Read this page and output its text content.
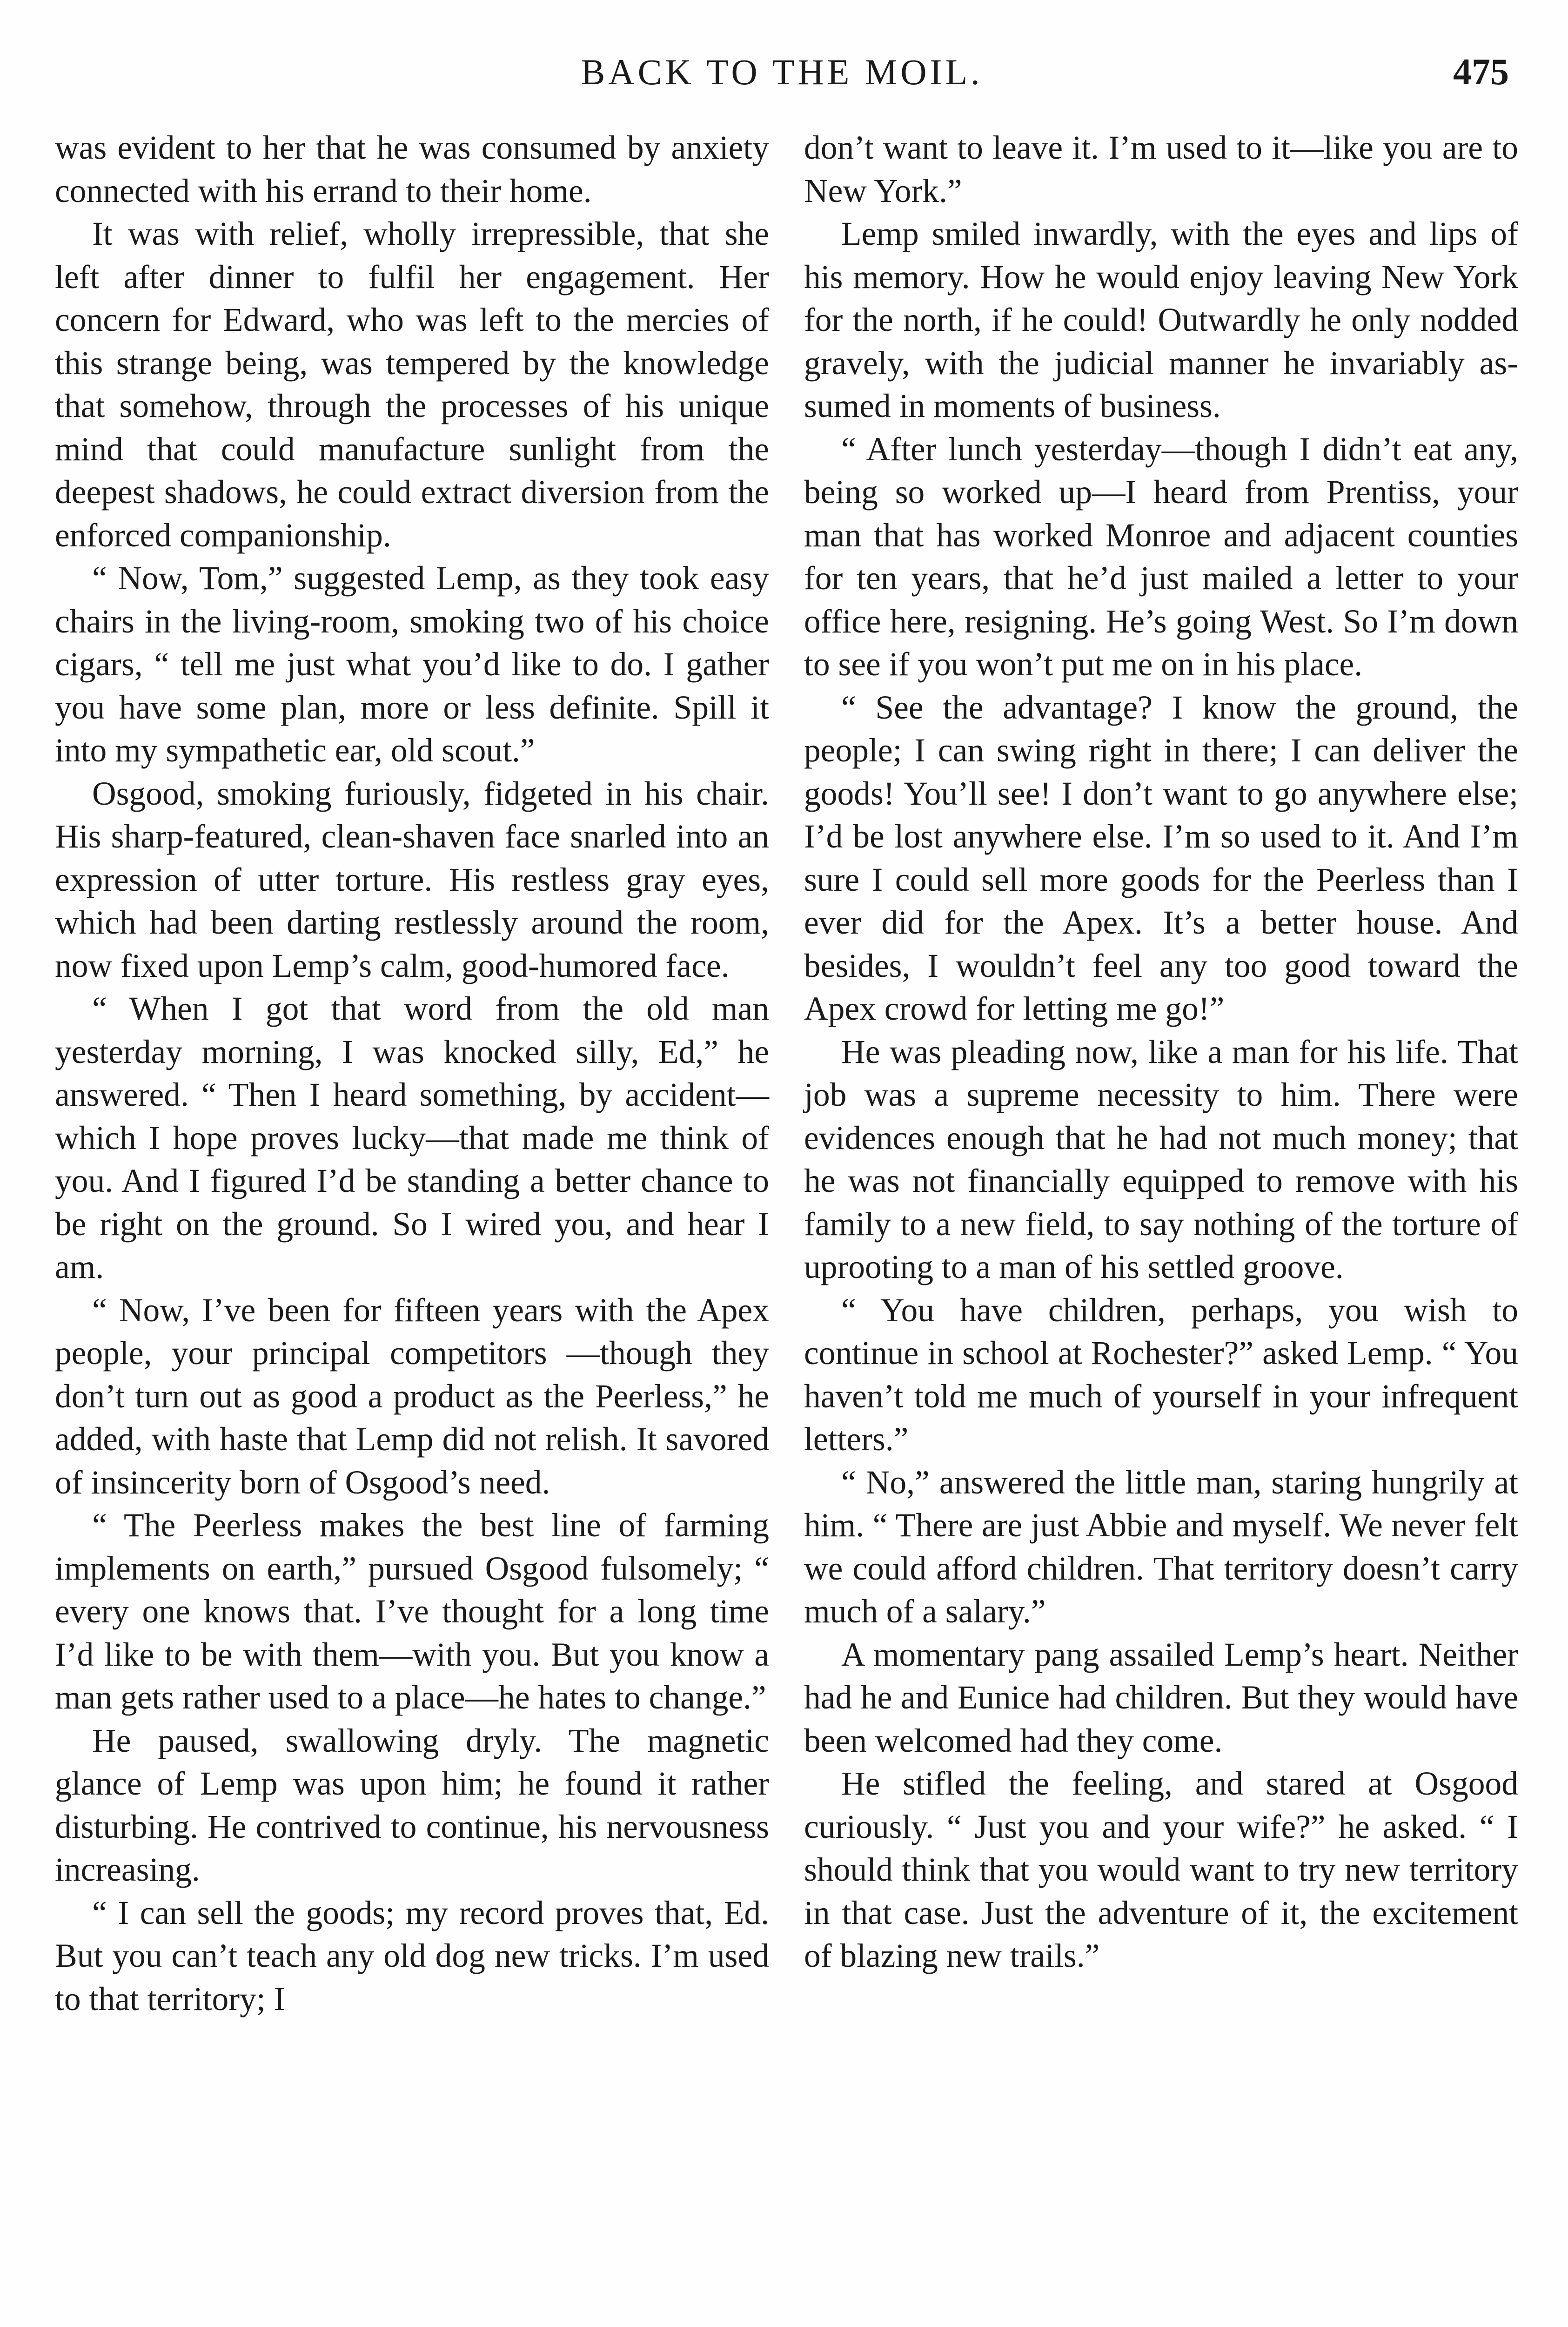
BACK TO THE MOIL.	475

was evident to her that he was consumed by anxiety connected with his errand to their home.

It was with relief, wholly irrepressible, that she left after dinner to fulfil her engagement. Her concern for Edward, who was left to the mercies of this strange being, was tempered by the knowledge that somehow, through the processes of his unique mind that could manufacture sunlight from the deepest shadows, he could extract diversion from the enforced companionship.

“ Now, Tom,” suggested Lemp, as they took easy chairs in the living-room, smoking two of his choice cigars, “ tell me just what you’d like to do. I gather you have some plan, more or less definite. Spill it into my sympathetic ear, old scout.”

Osgood, smoking furiously, fidgeted in his chair. His sharp-featured, clean-shaven face snarled into an expression of utter torture. His restless gray eyes, which had been darting restlessly around the room, now fixed upon Lemp’s calm, good-humored face.

“ When I got that word from the old man yesterday morning, I was knocked silly, Ed,” he answered. “ Then I heard something, by accident—which I hope proves lucky—that made me think of you. And I figured I’d be standing a better chance to be right on the ground. So I wired you, and hear I am.

“ Now, I’ve been for fifteen years with the Apex people, your principal competitors —though they don’t turn out as good a product as the Peerless,” he added, with haste that Lemp did not relish. It savored of insincerity born of Osgood’s need.

“ The Peerless makes the best line of farming implements on earth,” pursued Osgood fulsomely; “ every one knows that. I’ve thought for a long time I’d like to be with them—with you. But you know a man gets rather used to a place—he hates to change.”

He paused, swallowing dryly. The magnetic glance of Lemp was upon him; he found it rather disturbing. He contrived to continue, his nervousness increasing.

“ I can sell the goods; my record proves that, Ed. But you can’t teach any old dog new tricks. I’m used to that territory; I

don’t want to leave it. I’m used to it—like you are to New York.”

Lemp smiled inwardly, with the eyes and lips of his memory. How he would enjoy leaving New York for the north, if he could! Outwardly he only nodded gravely, with the judicial manner he invariably assumed in moments of business.

“ After lunch yesterday—though I didn’t eat any, being so worked up—I heard from Prentiss, your man that has worked Monroe and adjacent counties for ten years, that he’d just mailed a letter to your office here, resigning. He’s going West. So I’m down to see if you won’t put me on in his place.

“ See the advantage? I know the ground, the people; I can swing right in there; I can deliver the goods! You’ll see! I don’t want to go anywhere else; I’d be lost anywhere else. I’m so used to it. And I’m sure I could sell more goods for the Peerless than I ever did for the Apex. It’s a better house. And besides, I wouldn’t feel any too good toward the Apex crowd for letting me go!”

He was pleading now, like a man for his life. That job was a supreme necessity to him. There were evidences enough that he had not much money; that he was not financially equipped to remove with his family to a new field, to say nothing of the torture of uprooting to a man of his settled groove.

“ You have children, perhaps, you wish to continue in school at Rochester?” asked Lemp. “ You haven’t told me much of yourself in your infrequent letters.”

“ No,” answered the little man, staring hungrily at him. “ There are just Abbie and myself. We never felt we could afford children. That territory doesn’t carry much of a salary.”

A momentary pang assailed Lemp’s heart. Neither had he and Eunice had children. But they would have been welcomed had they come.

He stifled the feeling, and stared at Osgood curiously. “ Just you and your wife?” he asked. “ I should think that you would want to try new territory in that case. Just the adventure of it, the excitement of blazing new trails.”
